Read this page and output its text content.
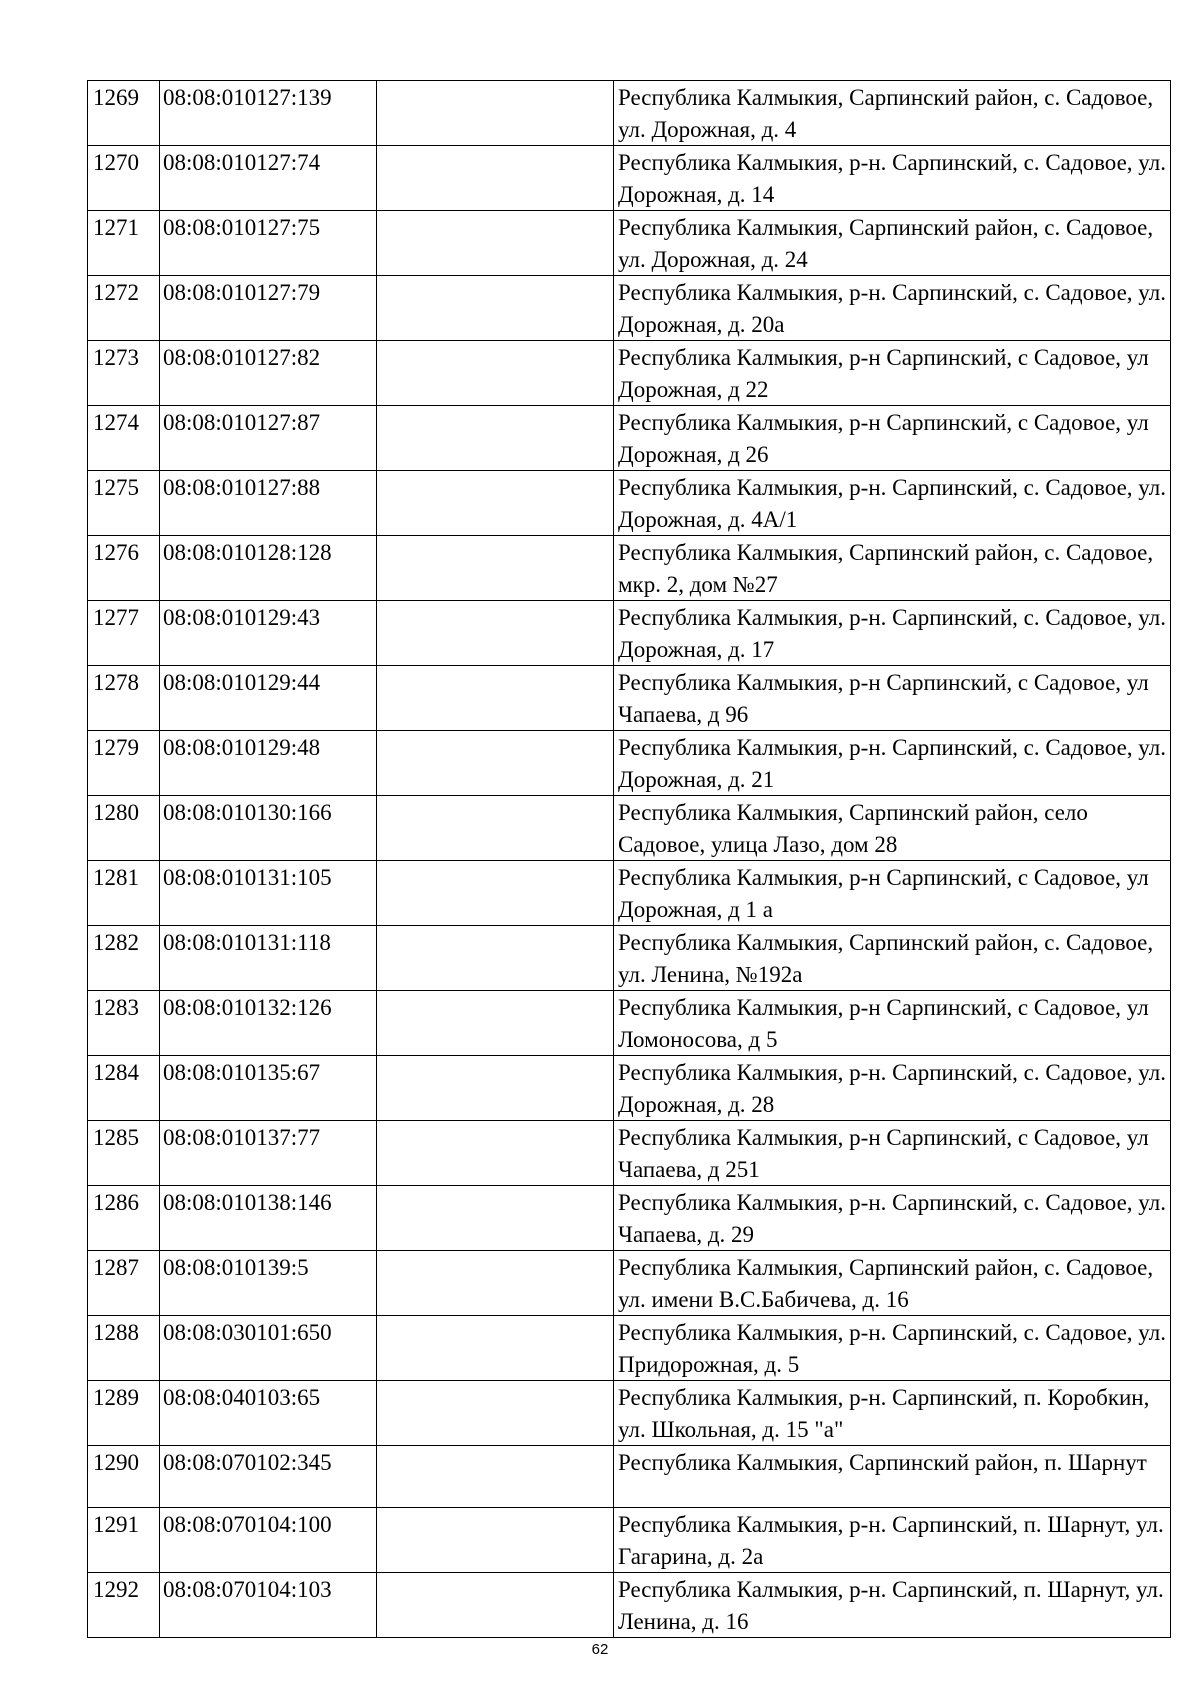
1269	08:08:010127:139		Республика Калмыкия, Сарпинский район, с. Садовое, ул. Дорожная, д. 4
1270	08:08:010127:74		Республика Калмыкия, р-н. Сарпинский, с. Садовое, ул. Дорожная, д. 14
1271	08:08:010127:75		Республика Калмыкия, Сарпинский район, с. Садовое, ул. Дорожная, д. 24
1272	08:08:010127:79		Республика Калмыкия, р-н. Сарпинский, с. Садовое, ул. Дорожная, д. 20а
1273	08:08:010127:82		Республика Калмыкия, р-н Сарпинский, с Садовое, ул Дорожная, д 22
1274	08:08:010127:87		Республика Калмыкия, р-н Сарпинский, с Садовое, ул Дорожная, д 26
1275	08:08:010127:88		Республика Калмыкия, р-н. Сарпинский, с. Садовое, ул. Дорожная, д. 4А/1
1276	08:08:010128:128		Республика Калмыкия, Сарпинский район, с. Садовое, мкр. 2, дом №27
1277	08:08:010129:43		Республика Калмыкия, р-н. Сарпинский, с. Садовое, ул. Дорожная, д. 17
1278	08:08:010129:44		Республика Калмыкия, р-н Сарпинский, с Садовое, ул Чапаева, д 96
1279	08:08:010129:48		Республика Калмыкия, р-н. Сарпинский, с. Садовое, ул. Дорожная, д. 21
1280	08:08:010130:166		Республика Калмыкия, Сарпинский район, село Садовое, улица Лазо, дом 28
1281	08:08:010131:105		Республика Калмыкия, р-н Сарпинский, с Садовое, ул Дорожная, д 1 а
1282	08:08:010131:118		Республика Калмыкия, Сарпинский район, с. Садовое, ул. Ленина, №192а
1283	08:08:010132:126		Республика Калмыкия, р-н Сарпинский, с Садовое, ул Ломоносова, д 5
1284	08:08:010135:67		Республика Калмыкия, р-н. Сарпинский, с. Садовое, ул. Дорожная, д. 28
1285	08:08:010137:77		Республика Калмыкия, р-н Сарпинский, с Садовое, ул Чапаева, д 251
1286	08:08:010138:146		Республика Калмыкия, р-н. Сарпинский, с. Садовое, ул. Чапаева, д. 29
1287	08:08:010139:5		Республика Калмыкия, Сарпинский район, с. Садовое, ул. имени В.С.Бабичева, д. 16
1288	08:08:030101:650		Республика Калмыкия, р-н. Сарпинский, с. Садовое, ул. Придорожная, д. 5
1289	08:08:040103:65		Республика Калмыкия, р-н. Сарпинский, п. Коробкин, ул. Школьная, д. 15 "а"
1290	08:08:070102:345		Республика Калмыкия, Сарпинский район, п. Шарнут
1291	08:08:070104:100		Республика Калмыкия, р-н. Сарпинский, п. Шарнут, ул. Гагарина, д. 2а
1292	08:08:070104:103		Республика Калмыкия, р-н. Сарпинский, п. Шарнут, ул. Ленина, д. 16
62
